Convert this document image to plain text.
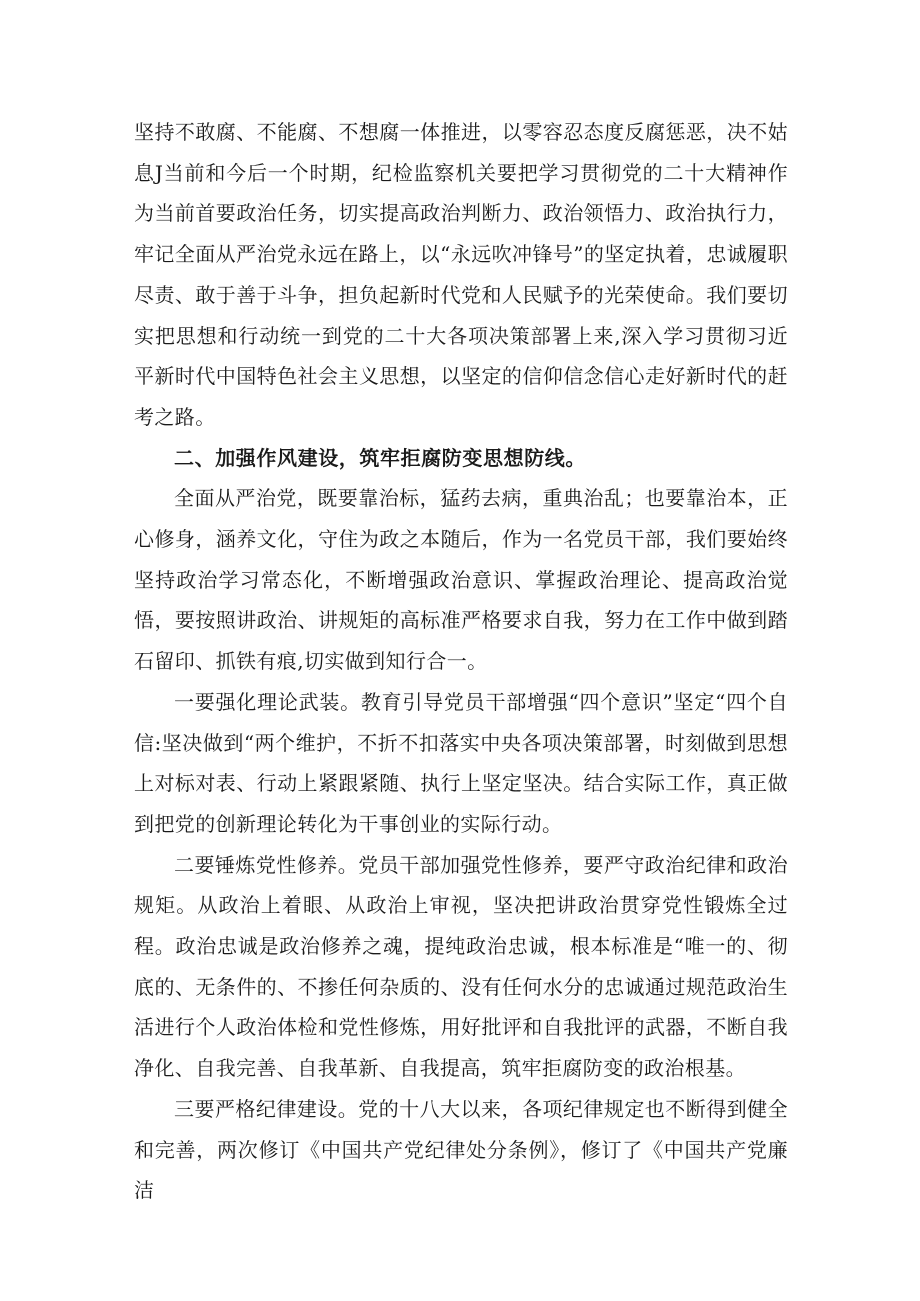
坚持不敢腐、不能腐、不想腐一体推进，以零容忍态度反腐惩恶，决不姑息J当前和今后一个时期，纪检监察机关要把学习贯彻党的二十大精神作为当前首要政治任务，切实提高政治判断力、政治领悟力、政治执行力，牢记全面从严治党永远在路上，以“永远吹冲锋号”的坚定执着，忠诚履职尽责、敢于善于斗争，担负起新时代党和人民赋予的光荣使命。我们要切实把思想和行动统一到党的二十大各项决策部署上来,深入学习贯彻习近平新时代中国特色社会主义思想，以坚定的信仰信念信心走好新时代的赶考之路。

二、加强作风建设，筑牢拒腐防变思想防线。

全面从严治党，既要靠治标，猛药去病，重典治乱；也要靠治本，正心修身，涵养文化，守住为政之本随后，作为一名党员干部，我们要始终坚持政治学习常态化，不断增强政治意识、掌握政治理论、提高政治觉悟，要按照讲政治、讲规矩的高标准严格要求自我，努力在工作中做到踏石留印、抓铁有痕,切实做到知行合一。

一要强化理论武装。教育引导党员干部增强“四个意识”坚定“四个自信:坚决做到“两个维护，不折不扣落实中央各项决策部署，时刻做到思想上对标对表、行动上紧跟紧随、执行上坚定坚决。结合实际工作，真正做到把党的创新理论转化为干事创业的实际行动。

二要锤炼党性修养。党员干部加强党性修养，要严守政治纪律和政治规矩。从政治上着眼、从政治上审视，坚决把讲政治贯穿党性锻炼全过程。政治忠诚是政治修养之魂，提纯政治忠诚，根本标准是“唯一的、彻底的、无条件的、不掺任何杂质的、没有任何水分的忠诚通过规范政治生活进行个人政治体检和党性修炼，用好批评和自我批评的武器，不断自我净化、自我完善、自我革新、自我提高，筑牢拒腐防变的政治根基。

三要严格纪律建设。党的十八大以来，各项纪律规定也不断得到健全和完善，两次修订《中国共产党纪律处分条例》，修订了《中国共产党廉洁
